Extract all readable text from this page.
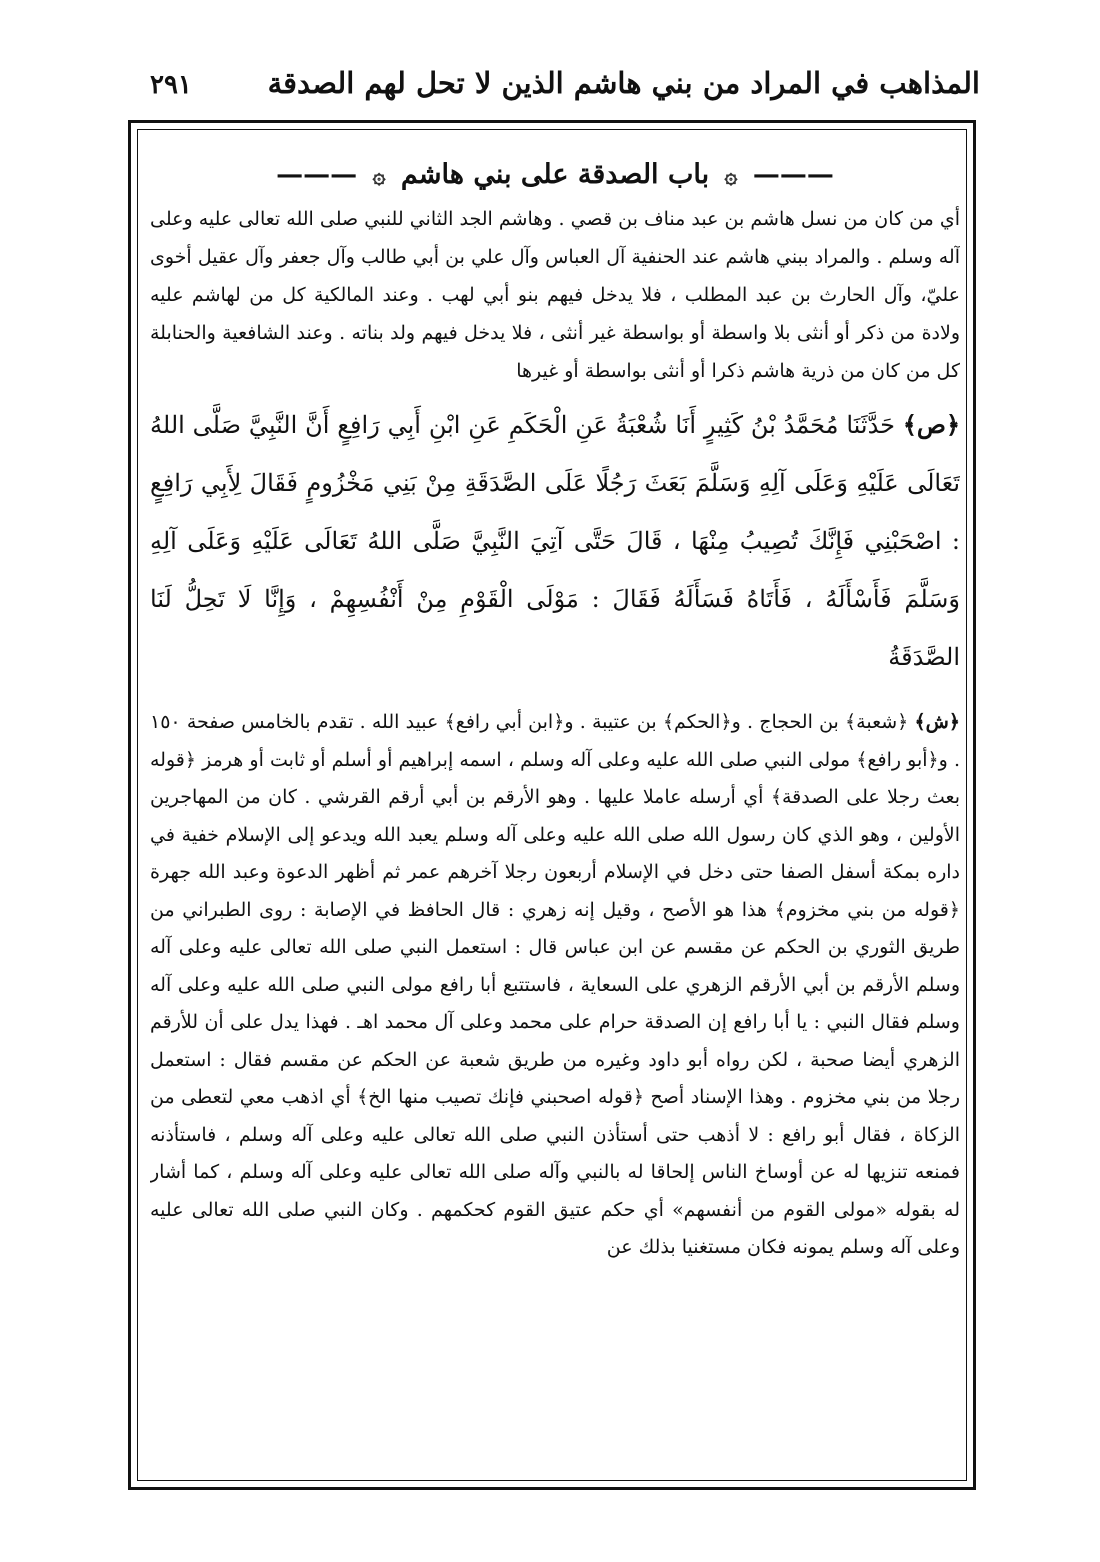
المذاهب في المراد من بني هاشم الذين لا تحل لهم الصدقة
٢٩١
——— ۞ باب الصدقة على بني هاشم ۞ ———

أي من كان من نسل هاشم بن عبد مناف بن قصي . وهاشم الجد الثاني للنبي صلى الله تعالى عليه وعلى آله وسلم . والمراد ببني هاشم عند الحنفية آل العباس وآل علي بن أبي طالب وآل جعفر وآل عقيل أخوى عليّ، وآل الحارث بن عبد المطلب ، فلا يدخل فيهم بنو أبي لهب . وعند المالكية كل من لهاشم عليه ولادة من ذكر أو أنثى بلا واسطة أو بواسطة غير أنثى ، فلا يدخل فيهم ولد بناته . وعند الشافعية والحنابلة كل من كان من ذرية هاشم ذكرا أو أنثى بواسطة أو غيرها

﴿ص﴾ حَدَّثَنَا مُحَمَّدُ بْنُ كَثِيرٍ أَنَا شُعْبَةُ عَنِ الْحَكَمِ عَنِ ابْنِ أَبِي رَافِعٍ أَنَّ النَّبِيَّ صَلَّى اللهُ تَعَالَى عَلَيْهِ وَعَلَى آلِهِ وَسَلَّمَ بَعَثَ رَجُلًا عَلَى الصَّدَقَةِ مِنْ بَنِي مَخْزُومٍ فَقَالَ لِأَبِي رَافِعٍ : اصْحَبْنِي فَإِنَّكَ تُصِيبُ مِنْهَا ، قَالَ حَتَّى آتِيَ النَّبِيَّ صَلَّى اللهُ تَعَالَى عَلَيْهِ وَعَلَى آلِهِ وَسَلَّمَ فَأَسْأَلَهُ ، فَأَتَاهُ فَسَأَلَهُ فَقَالَ : مَوْلَى الْقَوْمِ مِنْ أَنْفُسِهِمْ ، وَإِنَّا لَا تَحِلُّ لَنَا الصَّدَقَةُ

﴿ش﴾ ﴿شعبة﴾ بن الحجاج . و﴿الحكم﴾ بن عتيبة . و﴿ابن أبي رافع﴾ عبيد الله . تقدم بالخامس صفحة ١٥٠ . و﴿أبو رافع﴾ مولى النبي صلى الله عليه وعلى آله وسلم ، اسمه إبراهيم أو أسلم أو ثابت أو هرمز ﴿قوله بعث رجلا على الصدقة﴾ أي أرسله عاملا عليها . وهو الأرقم بن أبي أرقم القرشي . كان من المهاجرين الأولين ، وهو الذي كان رسول الله صلى الله عليه وعلى آله وسلم يعبد الله ويدعو إلى الإسلام خفية في داره بمكة أسفل الصفا حتى دخل في الإسلام أربعون رجلا آخرهم عمر ثم أظهر الدعوة وعبد الله جهرة ﴿قوله من بني مخزوم﴾ هذا هو الأصح ، وقيل إنه زهري : قال الحافظ في الإصابة : روى الطبراني من طريق الثوري بن الحكم عن مقسم عن ابن عباس قال : استعمل النبي صلى الله تعالى عليه وعلى آله وسلم الأرقم بن أبي الأرقم الزهري على السعاية ، فاستتبع أبا رافع مولى النبي صلى الله عليه وعلى آله وسلم فقال النبي : يا أبا رافع إن الصدقة حرام على محمد وعلى آل محمد اهـ . فهذا يدل على أن للأرقم الزهري أيضا صحبة ، لكن رواه أبو داود وغيره من طريق شعبة عن الحكم عن مقسم فقال : استعمل رجلا من بني مخزوم . وهذا الإسناد أصح ﴿قوله اصحبني فإنك تصيب منها الخ﴾ أي اذهب معي لتعطى من الزكاة ، فقال أبو رافع : لا أذهب حتى أستأذن النبي صلى الله تعالى عليه وعلى آله وسلم ، فاستأذنه فمنعه تنزيها له عن أوساخ الناس إلحاقا له بالنبي وآله صلى الله تعالى عليه وعلى آله وسلم ، كما أشار له بقوله «مولى القوم من أنفسهم» أي حكم عتيق القوم كحكمهم . وكان النبي صلى الله تعالى عليه وعلى آله وسلم يمونه فكان مستغنيا بذلك عن
